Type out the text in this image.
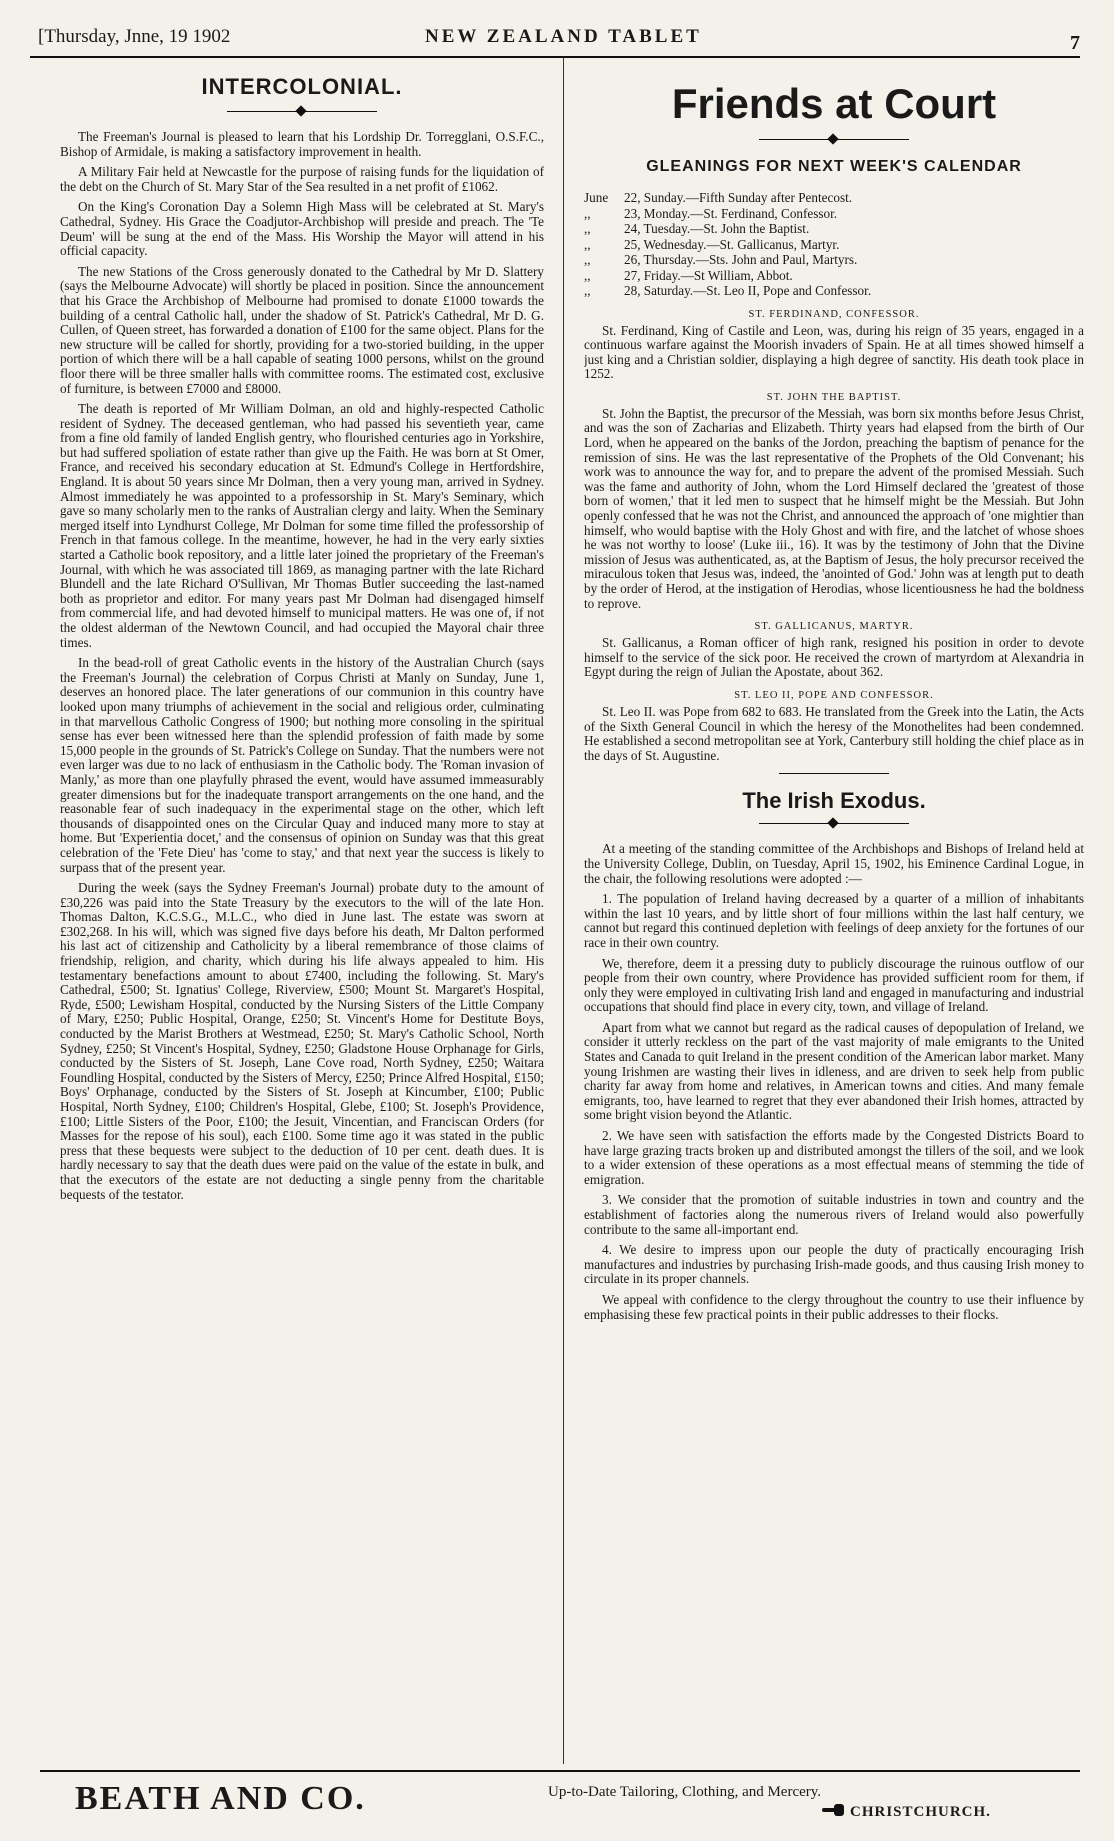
[Thursday, Jnne, 19 1902	NEW ZEALAND TABLET	7
INTERCOLONIAL.

The Freeman's Journal is pleased to learn that his Lordship Dr. Torregglani, O.S.F.C., Bishop of Armidale, is making a satisfactory improvement in health.

A Military Fair held at Newcastle for the purpose of raising funds for the liquidation of the debt on the Church of St. Mary Star of the Sea resulted in a net profit of £1062.

On the King's Coronation Day a Solemn High Mass will be celebrated at St. Mary's Cathedral, Sydney. His Grace the Coadjutor-Archbishop will preside and preach. The 'Te Deum' will be sung at the end of the Mass. His Worship the Mayor will attend in his official capacity.

The new Stations of the Cross generously donated to the Cathedral by Mr D. Slattery (says the Melbourne Advocate) will shortly be placed in position. Since the announcement that his Grace the Archbishop of Melbourne had promised to donate £1000 towards the building of a central Catholic hall, under the shadow of St. Patrick's Cathedral, Mr D. G. Cullen, of Queen street, has forwarded a donation of £100 for the same object. Plans for the new structure will be called for shortly, providing for a two-storied building, in the upper portion of which there will be a hall capable of seating 1000 persons, whilst on the ground floor there will be three smaller halls with committee rooms. The estimated cost, exclusive of furniture, is between £7000 and £8000.

The death is reported of Mr William Dolman, an old and highly-respected Catholic resident of Sydney. The deceased gentleman, who had passed his seventieth year, came from a fine old family of landed English gentry, who flourished centuries ago in Yorkshire, but had suffered spoliation of estate rather than give up the Faith. He was born at St Omer, France, and received his secondary education at St. Edmund's College in Hertfordshire, England. It is about 50 years since Mr Dolman, then a very young man, arrived in Sydney. Almost immediately he was appointed to a professorship in St. Mary's Seminary, which gave so many scholarly men to the ranks of Australian clergy and laity. When the Seminary merged itself into Lyndhurst College, Mr Dolman for some time filled the professorship of French in that famous college. In the meantime, however, he had in the very early sixties started a Catholic book repository, and a little later joined the proprietary of the Freeman's Journal, with which he was associated till 1869, as managing partner with the late Richard Blundell and the late Richard O'Sullivan, Mr Thomas Butler succeeding the last-named both as proprietor and editor. For many years past Mr Dolman had disengaged himself from commercial life, and had devoted himself to municipal matters. He was one of, if not the oldest alderman of the Newtown Council, and had occupied the Mayoral chair three times.

In the bead-roll of great Catholic events in the history of the Australian Church (says the Freeman's Journal) the celebration of Corpus Christi at Manly on Sunday, June 1, deserves an honored place. The later generations of our communion in this country have looked upon many triumphs of achievement in the social and religious order, culminating in that marvellous Catholic Congress of 1900; but nothing more consoling in the spiritual sense has ever been witnessed here than the splendid profession of faith made by some 15,000 people in the grounds of St. Patrick's College on Sunday. That the numbers were not even larger was due to no lack of enthusiasm in the Catholic body. The 'Roman invasion of Manly,' as more than one playfully phrased the event, would have assumed immeasurably greater dimensions but for the inadequate transport arrangements on the one hand, and the reasonable fear of such inadequacy in the experimental stage on the other, which left thousands of disappointed ones on the Circular Quay and induced many more to stay at home. But 'Experientia docet,' and the consensus of opinion on Sunday was that this great celebration of the 'Fete Dieu' has 'come to stay,' and that next year the success is likely to surpass that of the present year.

During the week (says the Sydney Freeman's Journal) probate duty to the amount of £30,226 was paid into the State Treasury by the executors to the will of the late Hon. Thomas Dalton, K.C.S.G., M.L.C., who died in June last. The estate was sworn at £302,268. In his will, which was signed five days before his death, Mr Dalton performed his last act of citizenship and Catholicity by a liberal remembrance of those claims of friendship, religion, and charity, which during his life always appealed to him. His testamentary benefactions amount to about £7400, including the following. St. Mary's Cathedral, £500; St. Ignatius' College, Riverview, £500; Mount St. Margaret's Hospital, Ryde, £500; Lewisham Hospital, conducted by the Nursing Sisters of the Little Company of Mary, £250; Public Hospital, Orange, £250; St. Vincent's Home for Destitute Boys, conducted by the Marist Brothers at Westmead, £250; St. Mary's Catholic School, North Sydney, £250; St Vincent's Hospital, Sydney, £250; Gladstone House Orphanage for Girls, conducted by the Sisters of St. Joseph, Lane Cove road, North Sydney, £250; Waitara Foundling Hospital, conducted by the Sisters of Mercy, £250; Prince Alfred Hospital, £150; Boys' Orphanage, conducted by the Sisters of St. Joseph at Kincumber, £100; Public Hospital, North Sydney, £100; Children's Hospital, Glebe, £100; St. Joseph's Providence, £100; Little Sisters of the Poor, £100; the Jesuit, Vincentian, and Franciscan Orders (for Masses for the repose of his soul), each £100. Some time ago it was stated in the public press that these bequests were subject to the deduction of 10 per cent. death dues. It is hardly necessary to say that the death dues were paid on the value of the estate in bulk, and that the executors of the estate are not deducting a single penny from the charitable bequests of the testator.

Friends at Court
GLEANINGS FOR NEXT WEEK'S CALENDAR
June	22, Sunday.—Fifth Sunday after Pentecost.
,,	23, Monday.—St. Ferdinand, Confessor.
,,	24, Tuesday.—St. John the Baptist.
,,	25, Wednesday.—St. Gallicanus, Martyr.
,,	26, Thursday.—Sts. John and Paul, Martyrs.
,,	27, Friday.—St William, Abbot.
,,	28, Saturday.—St. Leo II, Pope and Confessor.
ST. FERDINAND, CONFESSOR.

St. Ferdinand, King of Castile and Leon, was, during his reign of 35 years, engaged in a continuous warfare against the Moorish invaders of Spain. He at all times showed himself a just king and a Christian soldier, displaying a high degree of sanctity. His death took place in 1252.

ST. JOHN THE BAPTIST.

St. John the Baptist, the precursor of the Messiah, was born six months before Jesus Christ, and was the son of Zacharias and Elizabeth. Thirty years had elapsed from the birth of Our Lord, when he appeared on the banks of the Jordon, preaching the baptism of penance for the remission of sins. He was the last representative of the Prophets of the Old Convenant; his work was to announce the way for, and to prepare the advent of the promised Messiah. Such was the fame and authority of John, whom the Lord Himself declared the 'greatest of those born of women,' that it led men to suspect that he himself might be the Messiah. But John openly confessed that he was not the Christ, and announced the approach of 'one mightier than himself, who would baptise with the Holy Ghost and with fire, and the latchet of whose shoes he was not worthy to loose' (Luke iii., 16). It was by the testimony of John that the Divine mission of Jesus was authenticated, as, at the Baptism of Jesus, the holy precursor received the miraculous token that Jesus was, indeed, the 'anointed of God.' John was at length put to death by the order of Herod, at the instigation of Herodias, whose licentiousness he had the boldness to reprove.

ST. GALLICANUS, MARTYR.

St. Gallicanus, a Roman officer of high rank, resigned his position in order to devote himself to the service of the sick poor. He received the crown of martyrdom at Alexandria in Egypt during the reign of Julian the Apostate, about 362.

ST. LEO II, POPE AND CONFESSOR.

St. Leo II. was Pope from 682 to 683. He translated from the Greek into the Latin, the Acts of the Sixth General Council in which the heresy of the Monothelites had been condemned. He established a second metropolitan see at York, Canterbury still holding the chief place as in the days of St. Augustine.

The Irish Exodus.

At a meeting of the standing committee of the Archbishops and Bishops of Ireland held at the University College, Dublin, on Tuesday, April 15, 1902, his Eminence Cardinal Logue, in the chair, the following resolutions were adopted :—

1. The population of Ireland having decreased by a quarter of a million of inhabitants within the last 10 years, and by little short of four millions within the last half century, we cannot but regard this continued depletion with feelings of deep anxiety for the fortunes of our race in their own country.

We, therefore, deem it a pressing duty to publicly discourage the ruinous outflow of our people from their own country, where Providence has provided sufficient room for them, if only they were employed in cultivating Irish land and engaged in manufacturing and industrial occupations that should find place in every city, town, and village of Ireland.

Apart from what we cannot but regard as the radical causes of depopulation of Ireland, we consider it utterly reckless on the part of the vast majority of male emigrants to the United States and Canada to quit Ireland in the present condition of the American labor market. Many young Irishmen are wasting their lives in idleness, and are driven to seek help from public charity far away from home and relatives, in American towns and cities. And many female emigrants, too, have learned to regret that they ever abandoned their Irish homes, attracted by some bright vision beyond the Atlantic.

2. We have seen with satisfaction the efforts made by the Congested Districts Board to have large grazing tracts broken up and distributed amongst the tillers of the soil, and we look to a wider extension of these operations as a most effectual means of stemming the tide of emigration.

3. We consider that the promotion of suitable industries in town and country and the establishment of factories along the numerous rivers of Ireland would also powerfully contribute to the same all-important end.

4. We desire to impress upon our people the duty of practically encouraging Irish manufactures and industries by purchasing Irish-made goods, and thus causing Irish money to circulate in its proper channels.

We appeal with confidence to the clergy throughout the country to use their influence by emphasising these few practical points in their public addresses to their flocks.

BEATH AND CO.	Up-to-Date Tailoring, Clothing, and Mercery.
CHRISTCHURCH.
